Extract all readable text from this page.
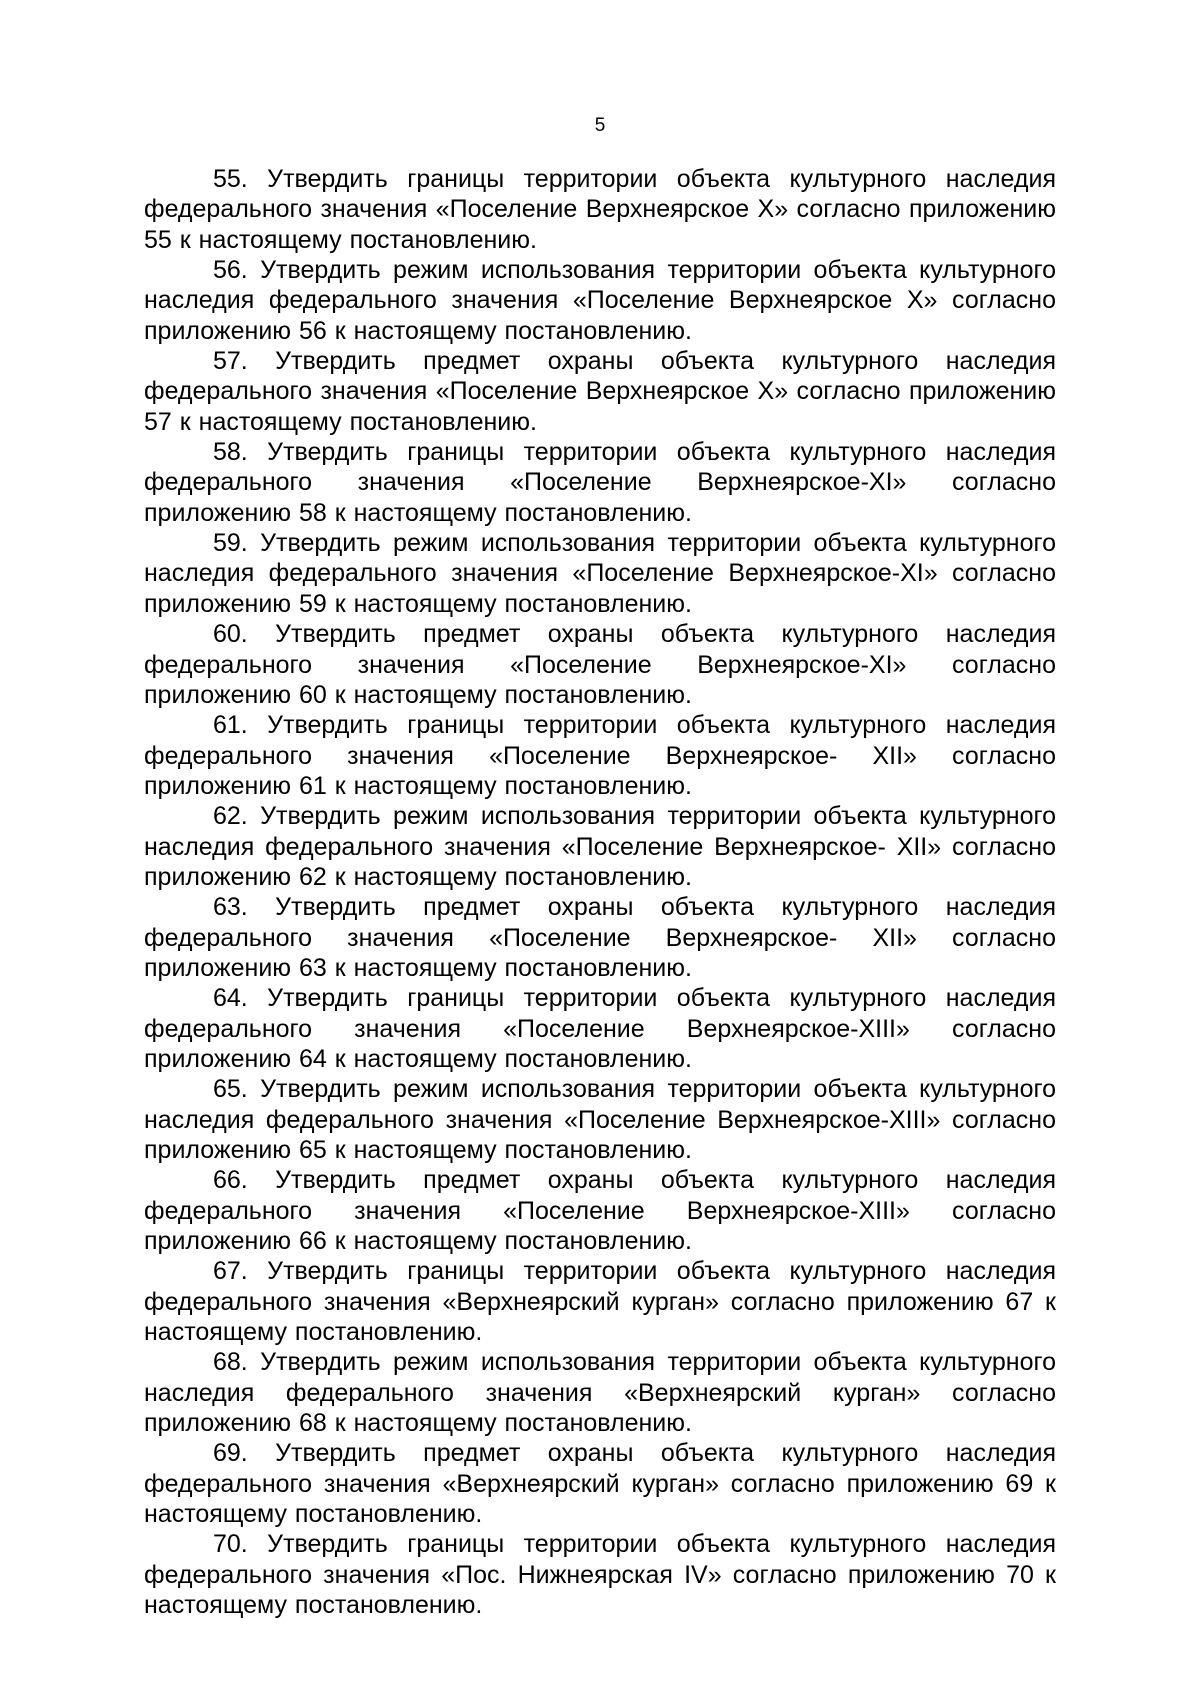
5

55. Утвердить границы территории объекта культурного наследия федерального значения «Поселение Верхнеярское Х» согласно приложению 55 к настоящему постановлению.

56. Утвердить режим использования территории объекта культурного наследия федерального значения «Поселение Верхнеярское Х» согласно приложению 56 к настоящему постановлению.

57. Утвердить предмет охраны объекта культурного наследия федерального значения «Поселение Верхнеярское Х» согласно приложению 57 к настоящему постановлению.

58. Утвердить границы территории объекта культурного наследия федерального значения «Поселение Верхнеярское-XI» согласно приложению 58 к настоящему постановлению.

59. Утвердить режим использования территории объекта культурного наследия федерального значения «Поселение Верхнеярское-XI» согласно приложению 59 к настоящему постановлению.

60. Утвердить предмет охраны объекта культурного наследия федерального значения «Поселение Верхнеярское-XI» согласно приложению 60 к настоящему постановлению.

61. Утвердить границы территории объекта культурного наследия федерального значения «Поселение Верхнеярское- XII» согласно приложению 61 к настоящему постановлению.

62. Утвердить режим использования территории объекта культурного наследия федерального значения «Поселение Верхнеярское- XII» согласно приложению 62 к настоящему постановлению.

63. Утвердить предмет охраны объекта культурного наследия федерального значения «Поселение Верхнеярское- XII» согласно приложению 63 к настоящему постановлению.

64. Утвердить границы территории объекта культурного наследия федерального значения «Поселение Верхнеярское-XIII» согласно приложению 64 к настоящему постановлению.

65. Утвердить режим использования территории объекта культурного наследия федерального значения «Поселение Верхнеярское-XIII» согласно приложению 65 к настоящему постановлению.

66. Утвердить предмет охраны объекта культурного наследия федерального значения «Поселение Верхнеярское-XIII» согласно приложению 66 к настоящему постановлению.

67. Утвердить границы территории объекта культурного наследия федерального значения «Верхнеярский курган» согласно приложению 67 к настоящему постановлению.

68. Утвердить режим использования территории объекта культурного наследия федерального значения «Верхнеярский курган» согласно приложению 68 к настоящему постановлению.

69. Утвердить предмет охраны объекта культурного наследия федерального значения «Верхнеярский курган» согласно приложению 69 к настоящему постановлению.

70. Утвердить границы территории объекта культурного наследия федерального значения «Пос. Нижнеярская IV» согласно приложению 70 к настоящему постановлению.
